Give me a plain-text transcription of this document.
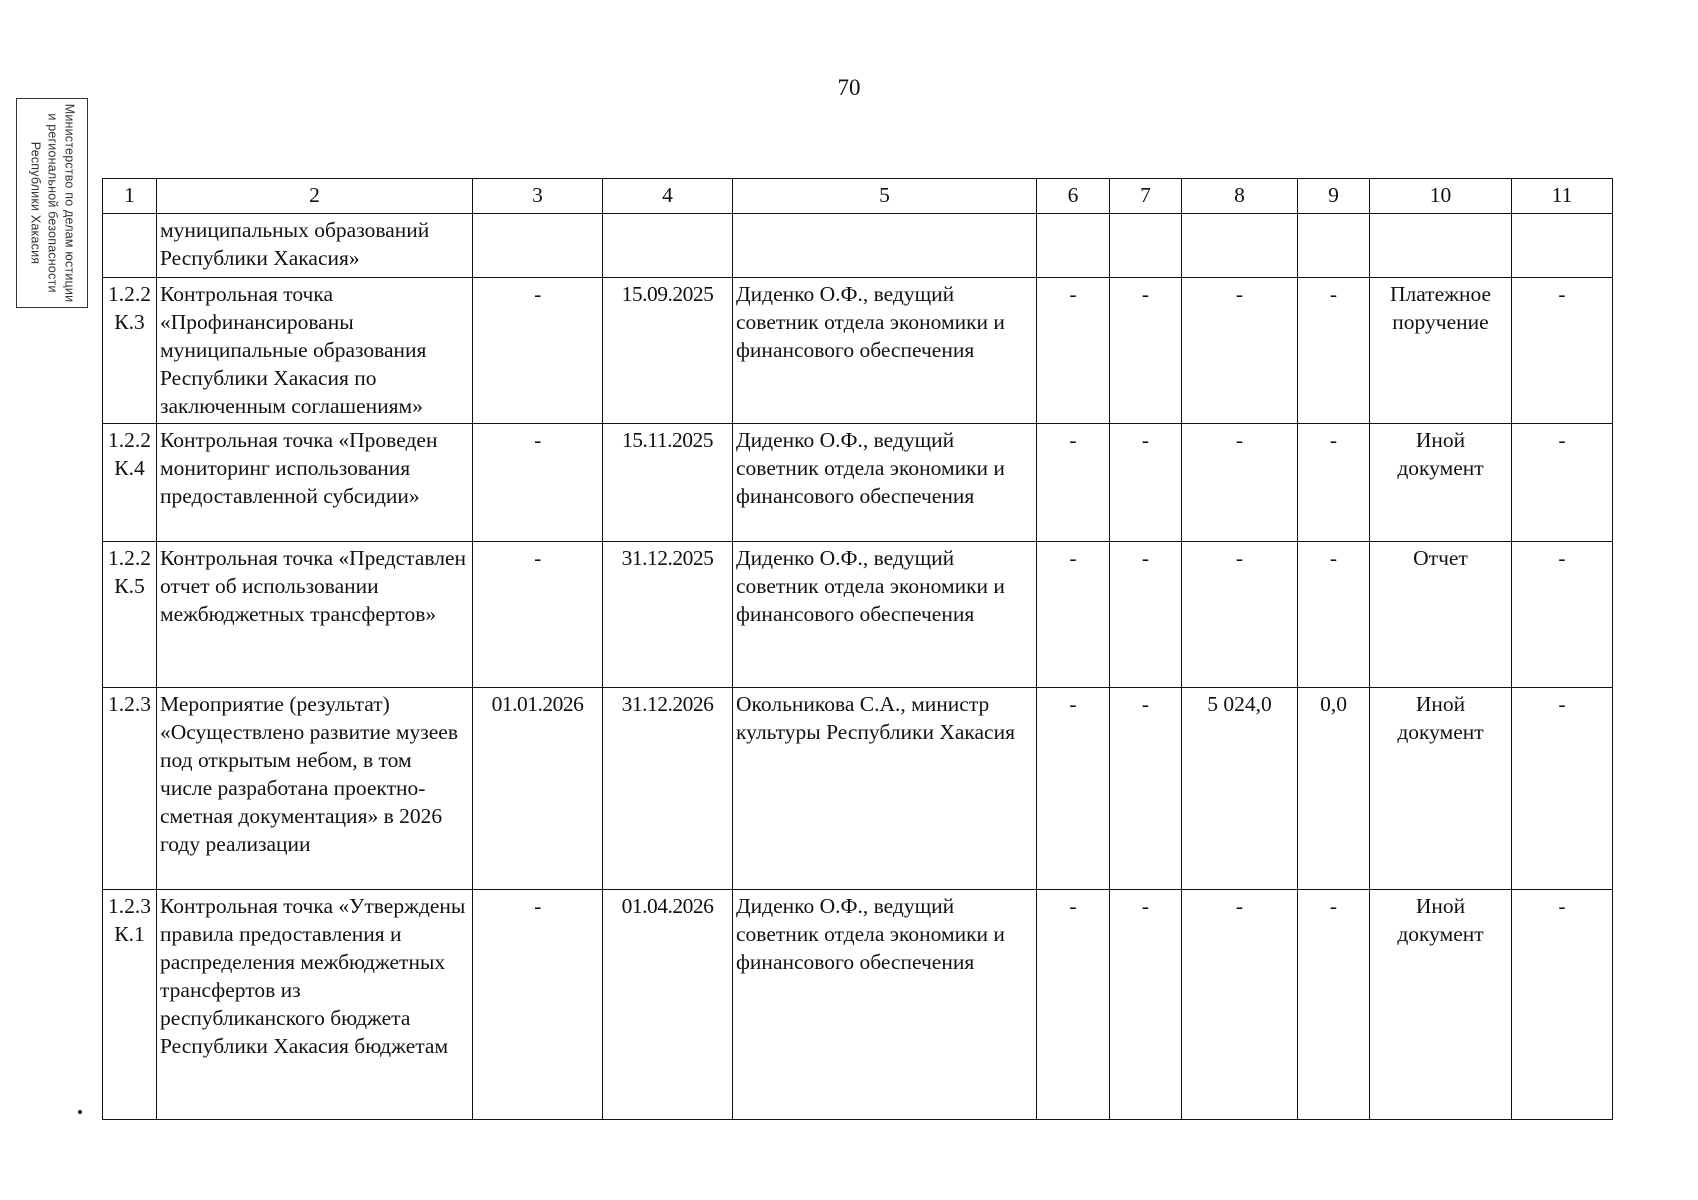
70
Министерство по делам юстиции и региональной безопасности Республики Хакасия	1	2	3	4	5	6	7	8	9	10	11
	муниципальных образований Республики Хакасия»									
1.2.2 К.3	Контрольная точка «Профинансированы муниципальные образования Республики Хакасия по заключенным соглашениям»	-	15.09.2025	Диденко О.Ф., ведущий советник отдела экономики и финансового обеспечения	-	-	-	-	Платежное поручение	-
1.2.2 К.4	Контрольная точка «Проведен мониторинг использования предоставленной субсидии»	-	15.11.2025	Диденко О.Ф., ведущий советник отдела экономики и финансового обеспечения	-	-	-	-	Иной документ	-
1.2.2 К.5	Контрольная точка «Представлен отчет об использовании межбюджетных трансфертов»	-	31.12.2025	Диденко О.Ф., ведущий советник отдела экономики и финансового обеспечения	-	-	-	-	Отчет	-
1.2.3	Мероприятие (результат) «Осуществлено развитие музеев под открытым небом, в том числе разработана проектно-сметная документация» в 2026 году реализации	01.01.2026	31.12.2026	Окольникова С.А., министр культуры Республики Хакасия	-	-	5 024,0	0,0	Иной документ	-
1.2.3 К.1	Контрольная точка «Утверждены правила предоставления и распределения межбюджетных трансфертов из республиканского бюджета Республики Хакасия бюджетам	-	01.04.2026	Диденко О.Ф., ведущий советник отдела экономики и финансового обеспечения	-	-	-	-	Иной документ	-
